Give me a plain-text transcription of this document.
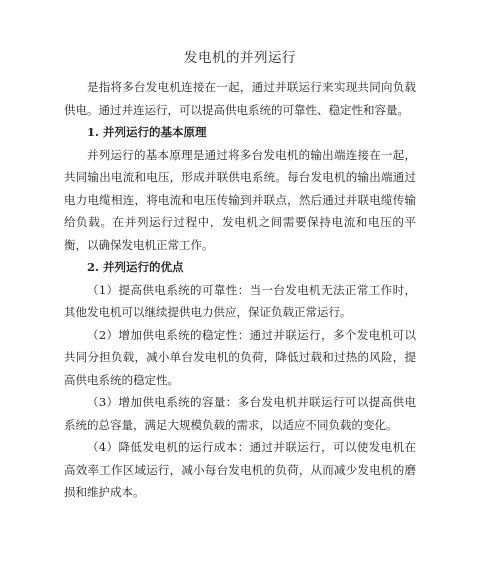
发电机的并列运行

是指将多台发电机连接在一起，通过并联运行来实现共同向负载供电。通过并连运行，可以提高供电系统的可靠性、稳定性和容量。

1. 并列运行的基本原理

并列运行的基本原理是通过将多台发电机的输出端连接在一起，共同输出电流和电压，形成并联供电系统。每台发电机的输出端通过电力电缆相连，将电流和电压传输到并联点，然后通过并联电缆传输给负载。在并列运行过程中，发电机之间需要保持电流和电压的平衡，以确保发电机正常工作。

2. 并列运行的优点

（1）提高供电系统的可靠性：当一台发电机无法正常工作时，其他发电机可以继续提供电力供应，保证负载正常运行。

（2）增加供电系统的稳定性：通过并联运行，多个发电机可以共同分担负载，减小单台发电机的负荷，降低过载和过热的风险，提高供电系统的稳定性。

（3）增加供电系统的容量：多台发电机并联运行可以提高供电系统的总容量，满足大规模负载的需求，以适应不同负载的变化。

（4）降低发电机的运行成本：通过并联运行，可以使发电机在高效率工作区域运行，减小每台发电机的负荷，从而减少发电机的磨损和维护成本。
